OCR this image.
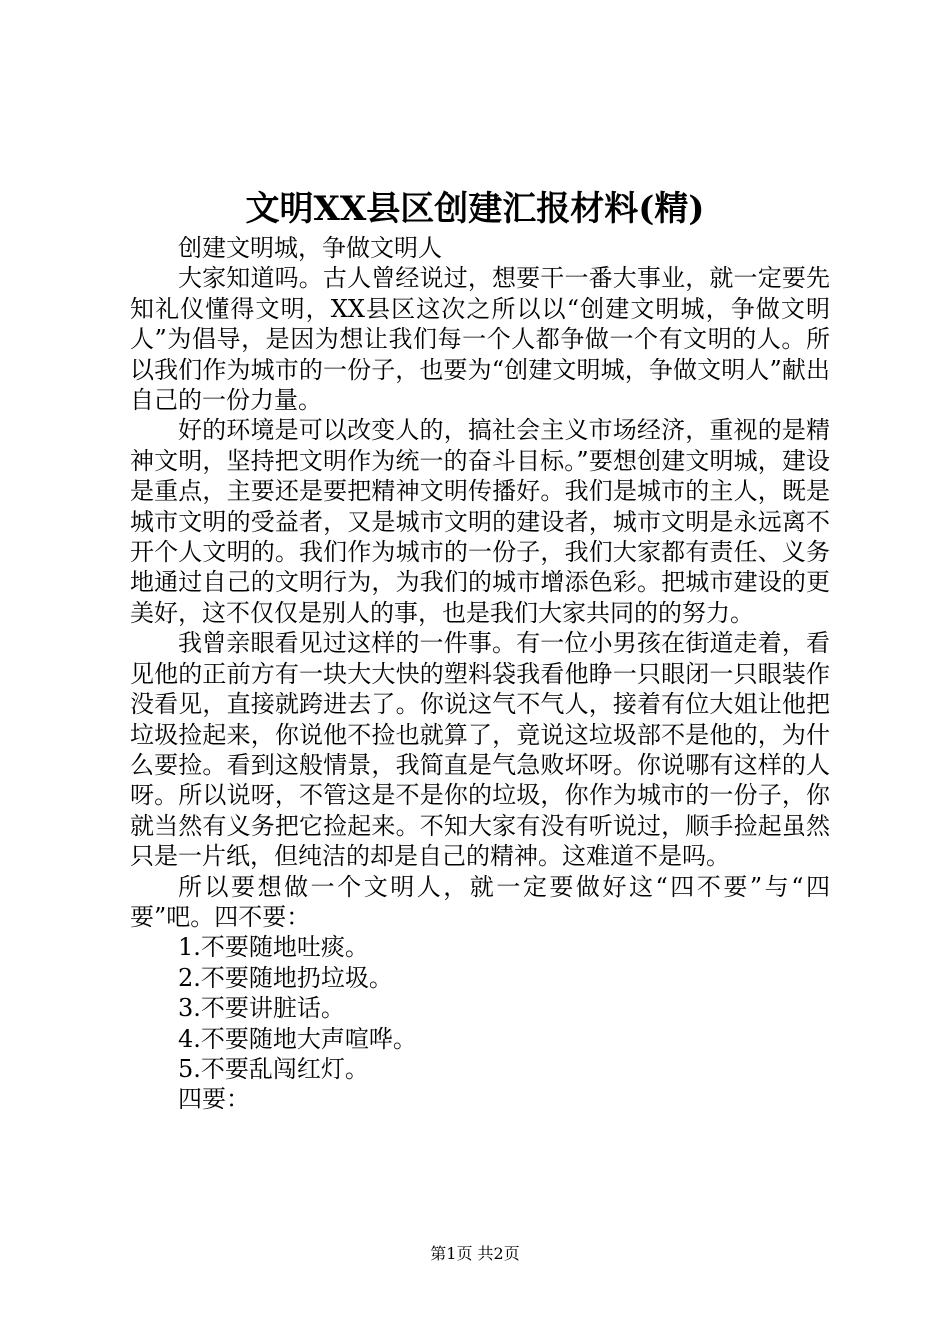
文明XX县区创建汇报材料(精)

创建文明城，争做文明人

大家知道吗。古人曾经说过，想要干一番大事业，就一定要先知礼仪懂得文明，XX县区这次之所以以“创建文明城，争做文明人”为倡导，是因为想让我们每一个人都争做一个有文明的人。所以我们作为城市的一份子，也要为“创建文明城，争做文明人”献出自己的一份力量。

好的环境是可以改变人的，搞社会主义市场经济，重视的是精神文明，坚持把文明作为统一的奋斗目标。”要想创建文明城，建设是重点，主要还是要把精神文明传播好。我们是城市的主人，既是城市文明的受益者，又是城市文明的建设者，城市文明是永远离不开个人文明的。我们作为城市的一份子，我们大家都有责任、义务地通过自己的文明行为，为我们的城市增添色彩。把城市建设的更美好，这不仅仅是别人的事，也是我们大家共同的的努力。

我曾亲眼看见过这样的一件事。有一位小男孩在街道走着，看见他的正前方有一块大大快的塑料袋我看他睁一只眼闭一只眼装作没看见，直接就跨进去了。你说这气不气人，接着有位大姐让他把垃圾捡起来，你说他不捡也就算了，竟说这垃圾部不是他的，为什么要捡。看到这般情景，我简直是气急败坏呀。你说哪有这样的人呀。所以说呀，不管这是不是你的垃圾，你作为城市的一份子，你就当然有义务把它捡起来。不知大家有没有听说过，顺手捡起虽然只是一片纸，但纯洁的却是自己的精神。这难道不是吗。

所以要想做一个文明人，就一定要做好这“四不要”与“四要”吧。四不要：

1.不要随地吐痰。

2.不要随地扔垃圾。

3.不要讲脏话。

4.不要随地大声喧哗。

5.不要乱闯红灯。

四要：

第1页 共2页
